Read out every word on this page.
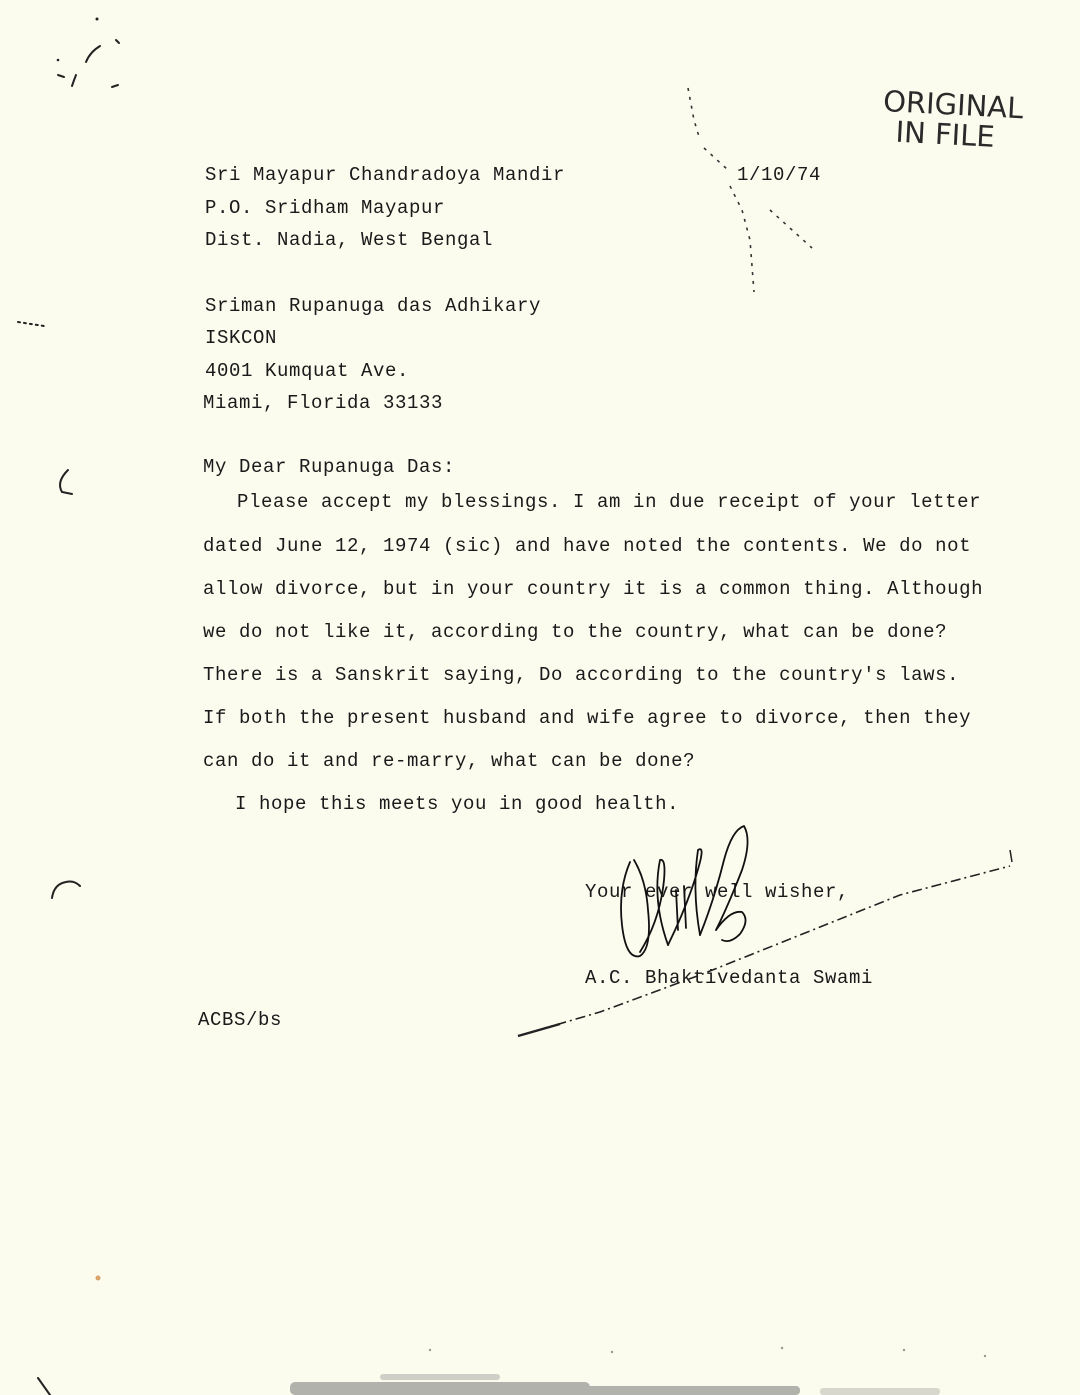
ORIGINAL
IN FILE
1/10/74
Sri Mayapur Chandradoya Mandir
P.O. Sridham Mayapur
Dist. Nadia, West Bengal
Sriman Rupanuga das Adhikary
ISKCON
4001 Kumquat Ave.
Miami, Florida 33133
My Dear Rupanuga Das:
Please accept my blessings. I am in due receipt of your letter
dated June 12, 1974 (sic) and have noted the contents. We do not
allow divorce, but in your country it is a common thing. Although
we do not like it, according to the country, what can be done?
There is a Sanskrit saying, Do according to the country's laws.
If both the present husband and wife agree to divorce, then they
can do it and re-marry, what can be done?
I hope this meets you in good health.
Your ever well wisher,
A.C. Bhaktivedanta Swami
ACBS/bs
